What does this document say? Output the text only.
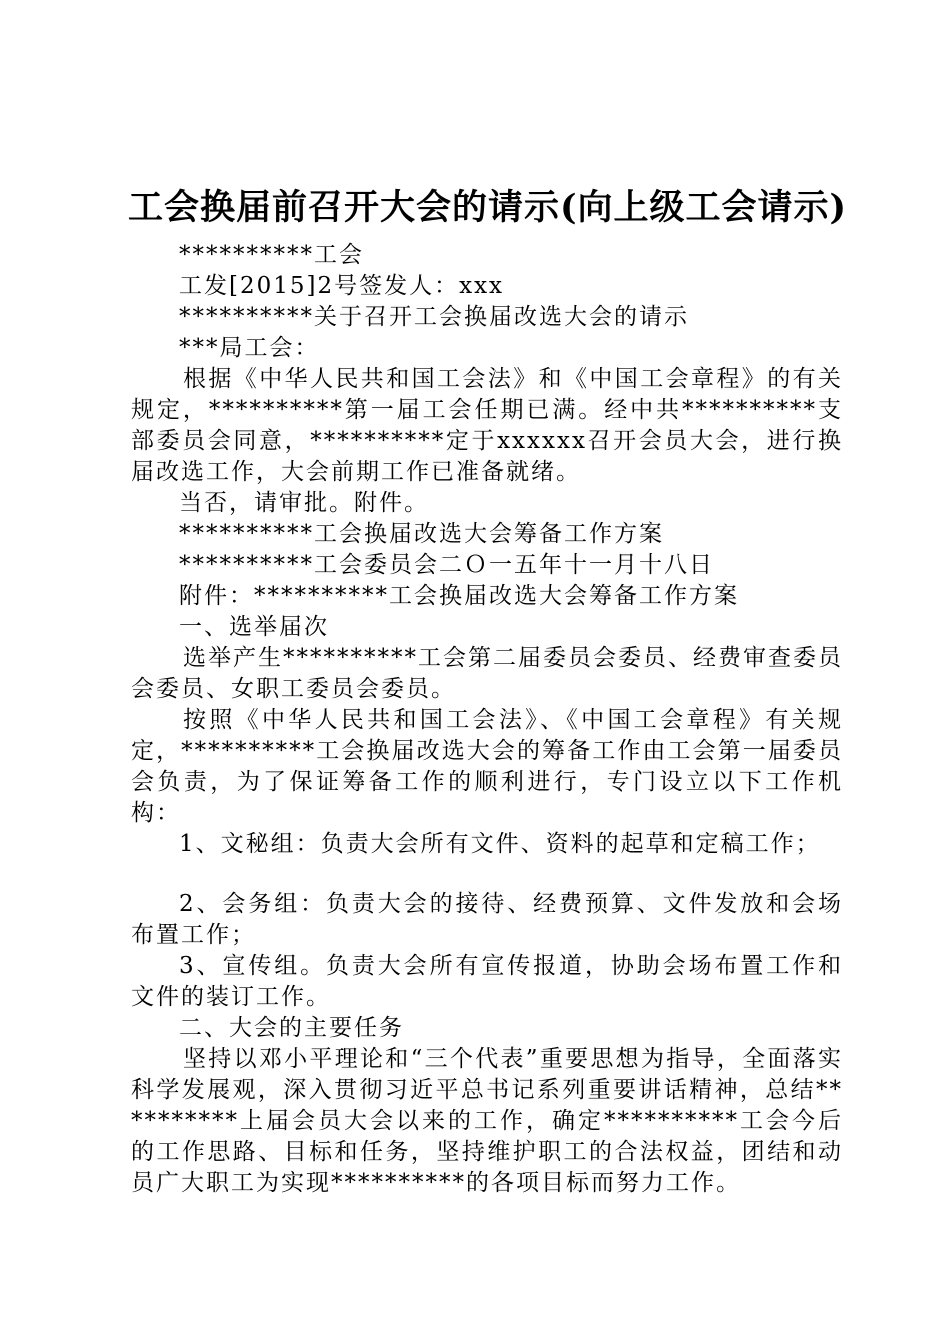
工会换届前召开大会的请示(向上级工会请示)

**********工会

工发[2015]2号签发人：xxx

**********关于召开工会换届改选大会的请示

***局工会：

根据《中华人民共和国工会法》和《中国工会章程》的有关规定，**********第一届工会任期已满。经中共**********支部委员会同意，**********定于xxxxxx召开会员大会，进行换届改选工作，大会前期工作已准备就绪。

当否，请审批。附件。

**********工会换届改选大会筹备工作方案

**********工会委员会二Ｏ一五年十一月十八日

附件：**********工会换届改选大会筹备工作方案

一、选举届次

选举产生**********工会第二届委员会委员、经费审查委员会委员、女职工委员会委员。

按照《中华人民共和国工会法》、《中国工会章程》有关规定，**********工会换届改选大会的筹备工作由工会第一届委员会负责，为了保证筹备工作的顺利进行，专门设立以下工作机构：

1、文秘组：负责大会所有文件、资料的起草和定稿工作；

2、会务组：负责大会的接待、经费预算、文件发放和会场布置工作；

3、宣传组。负责大会所有宣传报道，协助会场布置工作和文件的装订工作。

二、大会的主要任务

坚持以邓小平理论和“三个代表”重要思想为指导，全面落实科学发展观，深入贯彻习近平总书记系列重要讲话精神，总结**********上届会员大会以来的工作，确定**********工会今后的工作思路、目标和任务，坚持维护职工的合法权益，团结和动员广大职工为实现**********的各项目标而努力工作。
